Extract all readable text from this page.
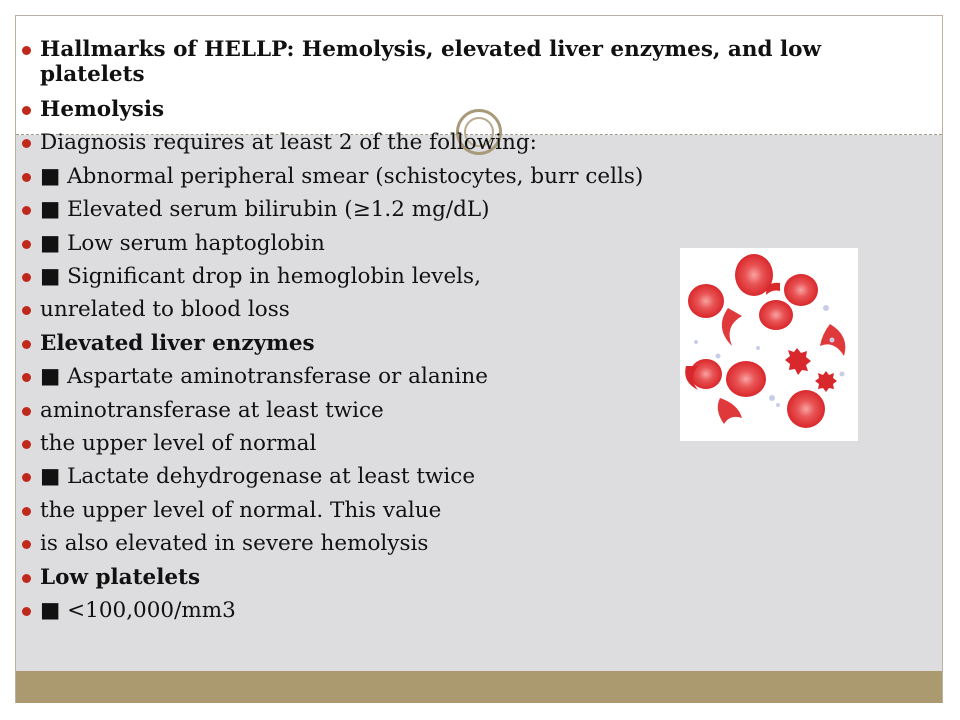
Hallmarks of HELLP: Hemolysis, elevated liver enzymes, and low platelets
Hemolysis
Diagnosis requires at least 2 of the following:
■ Abnormal peripheral smear (schistocytes, burr cells)
■ Elevated serum bilirubin (≥1.2 mg/dL)
■ Low serum haptoglobin
■ Significant drop in hemoglobin levels,
unrelated to blood loss
Elevated liver enzymes
■ Aspartate aminotransferase or alanine
aminotransferase at least twice
the upper level of normal
■ Lactate dehydrogenase at least twice
the upper level of normal. This value
is also elevated in severe hemolysis
Low platelets
■ <100,000/mm3
